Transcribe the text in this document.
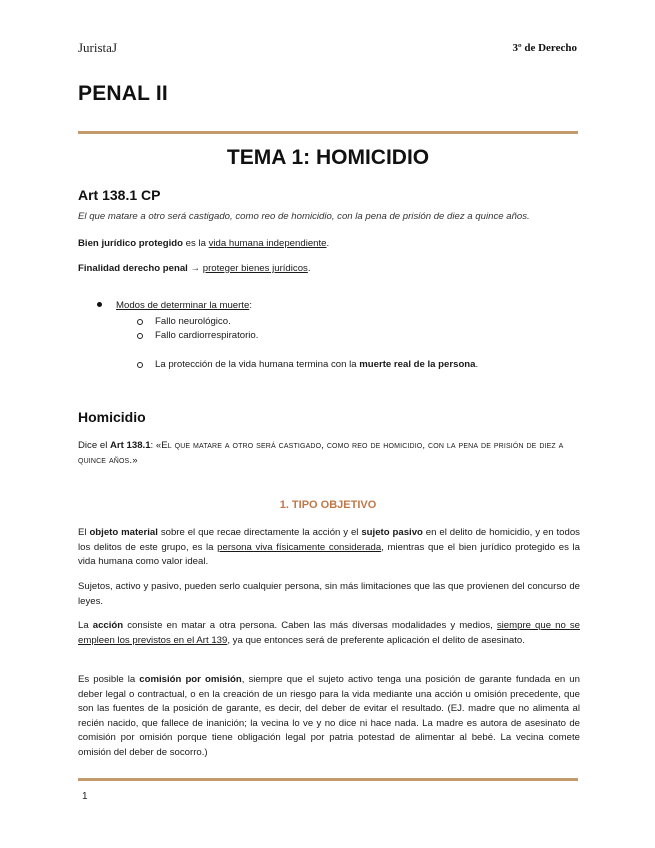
JuristaJ	3º de Derecho
PENAL II
TEMA 1: HOMICIDIO
Art 138.1 CP
El que matare a otro será castigado, como reo de homicidio, con la pena de prisión de diez a quince años.
Bien jurídico protegido es la vida humana independiente.
Finalidad derecho penal → proteger bienes jurídicos.
Modos de determinar la muerte:
Fallo neurológico.
Fallo cardiorrespiratorio.
La protección de la vida humana termina con la muerte real de la persona.
Homicidio
Dice el Art 138.1: «El que matare a otro será castigado, como reo de homicidio, con la pena de prisión de diez a quince años.»
1. TIPO OBJETIVO
El objeto material sobre el que recae directamente la acción y el sujeto pasivo en el delito de homicidio, y en todos los delitos de este grupo, es la persona viva físicamente considerada, mientras que el bien jurídico protegido es la vida humana como valor ideal.
Sujetos, activo y pasivo, pueden serlo cualquier persona, sin más limitaciones que las que provienen del concurso de leyes.
La acción consiste en matar a otra persona. Caben las más diversas modalidades y medios, siempre que no se empleen los previstos en el Art 139, ya que entonces será de preferente aplicación el delito de asesinato.
Es posible la comisión por omisión, siempre que el sujeto activo tenga una posición de garante fundada en un deber legal o contractual, o en la creación de un riesgo para la vida mediante una acción u omisión precedente, que son las fuentes de la posición de garante, es decir, del deber de evitar el resultado. (EJ. madre que no alimenta al recién nacido, que fallece de inanición; la vecina lo ve y no dice ni hace nada. La madre es autora de asesinato de comisión por omisión porque tiene obligación legal por patria potestad de alimentar al bebé. La vecina comete omisión del deber de socorro.)
1
